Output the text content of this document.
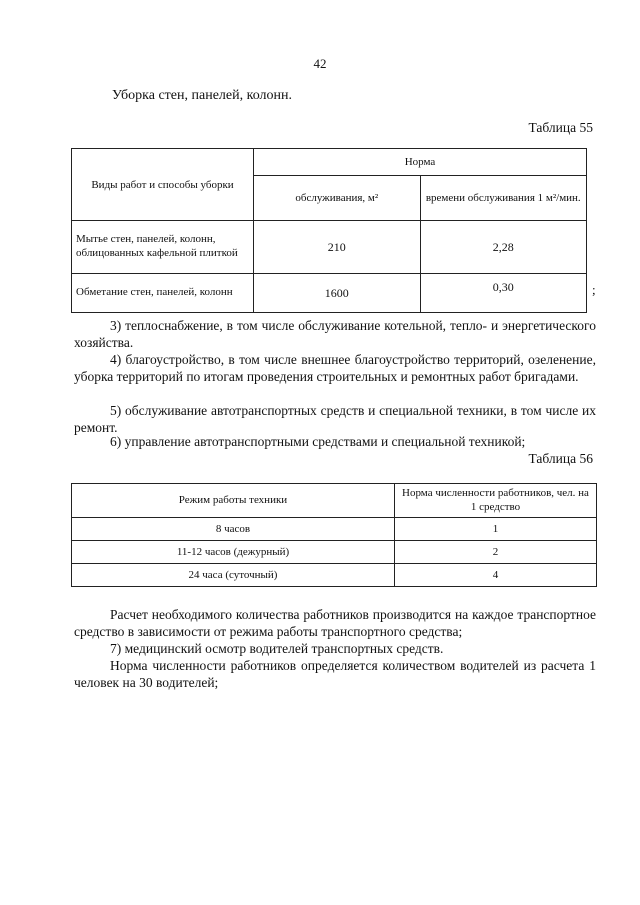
42
Уборка стен, панелей, колонн.
Таблица 55
Виды работ и способы уборки	Норма	
	обслуживания, м²	времени обслуживания 1 м²/мин.
Мытье стен, панелей, колонн, облицованных кафельной плиткой	210	2,28
Обметание стен, панелей, колонн	1600	0,30	;
3) теплоснабжение, в том числе обслуживание котельной, тепло- и энергетического хозяйства.
4) благоустройство, в том числе внешнее благоустройство территорий, озеленение, уборка территорий по итогам проведения строительных и ремонтных работ бригадами.
5) обслуживание автотранспортных средств и специальной техники, в том числе их ремонт.
6) управление автотранспортными средствами и специальной техникой;
Таблица 56
Режим работы техники	Норма численности работников, чел. на 1 средство
8 часов	1
11-12 часов (дежурный)	2
24 часа (суточный)	4
Расчет необходимого количества работников производится на каждое транспортное средство в зависимости от режима работы транспортного средства;
7) медицинский осмотр водителей транспортных средств.
Норма численности работников определяется количеством водителей из расчета 1 человек на 30 водителей;
